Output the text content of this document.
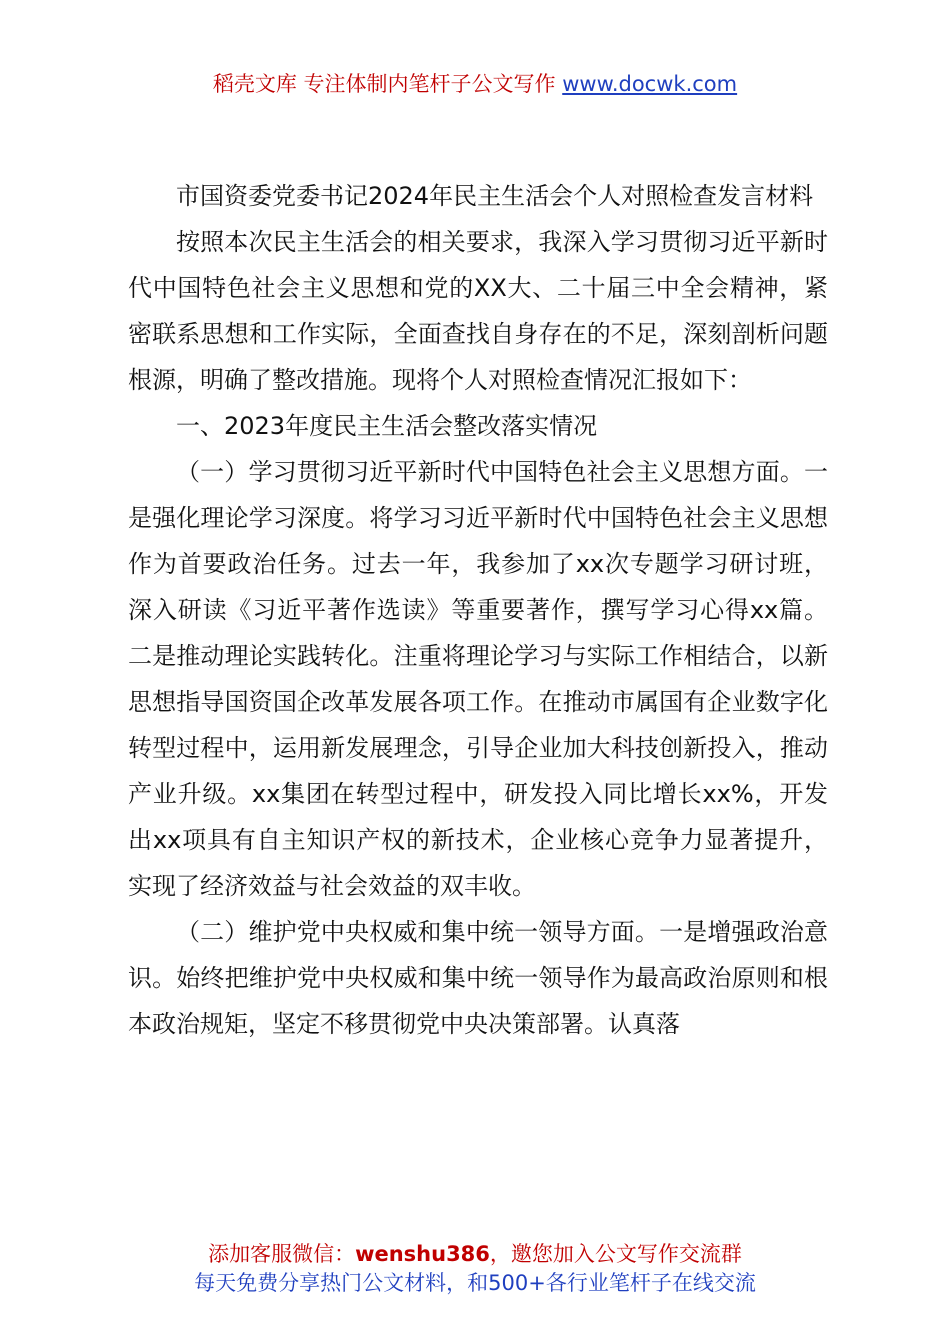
稻壳文库 专注体制内笔杆子公文写作 www.docwk.com

市国资委党委书记2024年民主生活会个人对照检查发言材料

按照本次民主生活会的相关要求，我深入学习贯彻习近平新时代中国特色社会主义思想和党的XX大、二十届三中全会精神，紧密联系思想和工作实际，全面查找自身存在的不足，深刻剖析问题根源，明确了整改措施。现将个人对照检查情况汇报如下：

一、2023年度民主生活会整改落实情况

（一）学习贯彻习近平新时代中国特色社会主义思想方面。一是强化理论学习深度。将学习习近平新时代中国特色社会主义思想作为首要政治任务。过去一年，我参加了xx次专题学习研讨班，深入研读《习近平著作选读》等重要著作，撰写学习心得xx篇。二是推动理论实践转化。注重将理论学习与实际工作相结合，以新思想指导国资国企改革发展各项工作。在推动市属国有企业数字化转型过程中，运用新发展理念，引导企业加大科技创新投入，推动产业升级。xx集团在转型过程中，研发投入同比增长xx%，开发出xx项具有自主知识产权的新技术，企业核心竞争力显著提升，实现了经济效益与社会效益的双丰收。

（二）维护党中央权威和集中统一领导方面。一是增强政治意识。始终把维护党中央权威和集中统一领导作为最高政治原则和根本政治规矩，坚定不移贯彻党中央决策部署。认真落

添加客服微信：wenshu386，邀您加入公文写作交流群
每天免费分享热门公文材料，和500+各行业笔杆子在线交流
